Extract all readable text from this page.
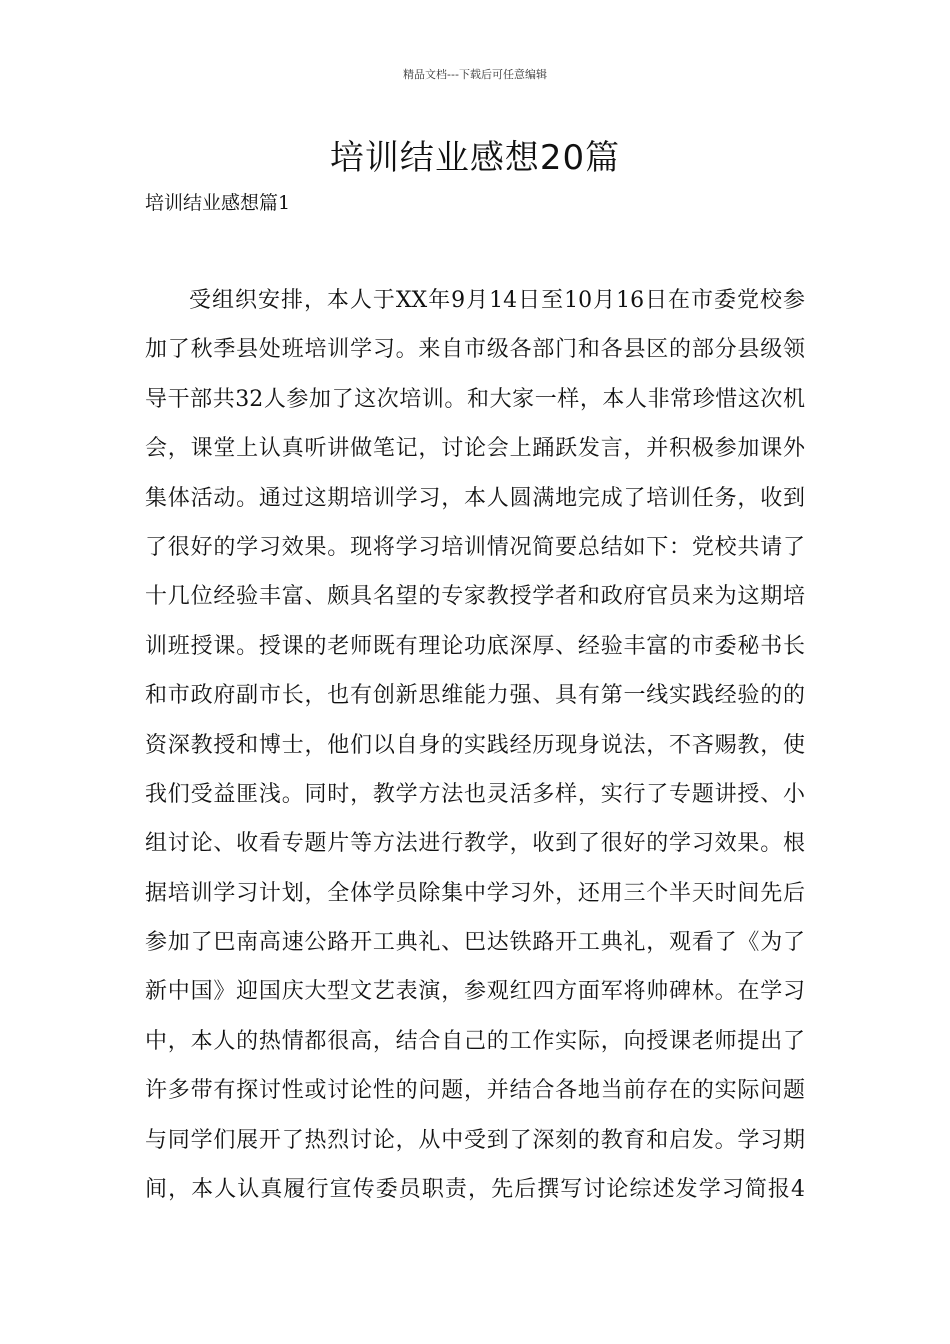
精品文档---下载后可任意编辑
培训结业感想20篇
培训结业感想篇1
受组织安排，本人于XX年9月14日至10月16日在市委党校参
加了秋季县处班培训学习。来自市级各部门和各县区的部分县级领
导干部共32人参加了这次培训。和大家一样，本人非常珍惜这次机
会，课堂上认真听讲做笔记，讨论会上踊跃发言，并积极参加课外
集体活动。通过这期培训学习，本人圆满地完成了培训任务，收到
了很好的学习效果。现将学习培训情况简要总结如下：党校共请了
十几位经验丰富、颇具名望的专家教授学者和政府官员来为这期培
训班授课。授课的老师既有理论功底深厚、经验丰富的市委秘书长
和市政府副市长，也有创新思维能力强、具有第一线实践经验的的
资深教授和博士，他们以自身的实践经历现身说法，不吝赐教，使
我们受益匪浅。同时，教学方法也灵活多样，实行了专题讲授、小
组讨论、收看专题片等方法进行教学，收到了很好的学习效果。根
据培训学习计划，全体学员除集中学习外，还用三个半天时间先后
参加了巴南高速公路开工典礼、巴达铁路开工典礼，观看了《为了
新中国》迎国庆大型文艺表演，参观红四方面军将帅碑林。在学习
中，本人的热情都很高，结合自己的工作实际，向授课老师提出了
许多带有探讨性或讨论性的问题，并结合各地当前存在的实际问题
与同学们展开了热烈讨论，从中受到了深刻的教育和启发。学习期
间，本人认真履行宣传委员职责，先后撰写讨论综述发学习简报4
